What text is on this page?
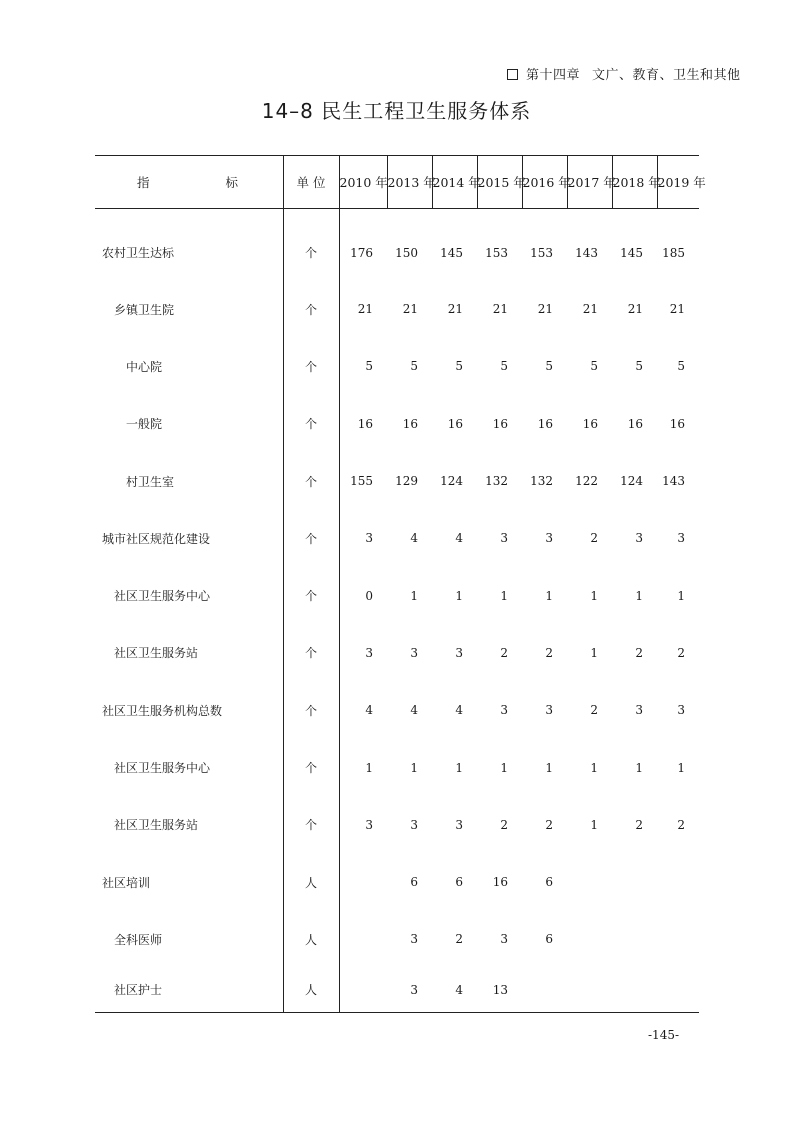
第十四章 文广、教育、卫生和其他
14–8 民生工程卫生服务体系
指 标	单 位	2010 年	2013 年	2014 年	2015 年	2016 年	2017 年	2018 年	2019 年
农村卫生达标	个	176	150	145	153	153	143	145	185
乡镇卫生院	个	21	21	21	21	21	21	21	21
中心院	个	5	5	5	5	5	5	5	5
一般院	个	16	16	16	16	16	16	16	16
村卫生室	个	155	129	124	132	132	122	124	143
城市社区规范化建设	个	3	4	4	3	3	2	3	3
社区卫生服务中心	个	0	1	1	1	1	1	1	1
社区卫生服务站	个	3	3	3	2	2	1	2	2
社区卫生服务机构总数	个	4	4	4	3	3	2	3	3
社区卫生服务中心	个	1	1	1	1	1	1	1	1
社区卫生服务站	个	3	3	3	2	2	1	2	2
社区培训	人		6	6	16	6			
全科医师	人		3	2	3	6			
社区护士	人		3	4	13				

-145-
